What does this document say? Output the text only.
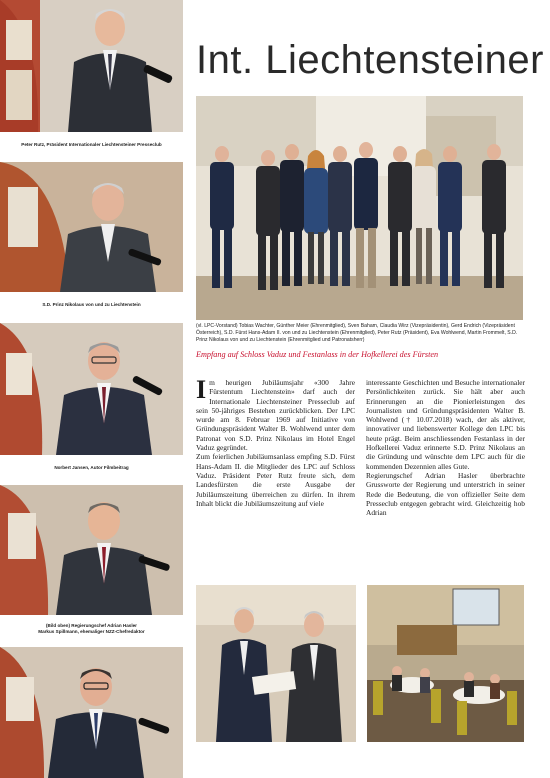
Peter Rutz, Präsident Internationaler Liechtensteiner Presseclub
S.D. Prinz Nikolaus von und zu Liechtenstein
Norbert Jansen, Autor Filmbeitrag
(Bild oben) Regierungschef Adrian Hasler
Markus Spillmann, ehemaliger NZZ-Chefredaktor
Int. Liechtensteiner
(vl. LPC-Vorstand) Tobias Wachter, Günther Meier (Ehrenmitglied), Sven Baham, Claudia Wirz (Vizepräsidentin), Gerd Endrich (Vizepräsident Österreich), S.D. Fürst Hans-Adam II. von und zu Liechtenstein (Ehrenmitglied), Peter Rutz (Präsident), Eva Wohlwend, Martin Frommelt, S.D. Prinz Nikolaus von und zu Liechtenstein (Ehrenmitglied und Patronatsherr)
Empfang auf Schloss Vaduz und Festanlass in der Hofkellerei des Fürsten

Im heurigen Jubiläumsjahr «300 Jahre Fürstentum Liechtenstein» darf auch der Internationale Liechtensteiner Presseclub auf sein 50-jähriges Bestehen zurückblicken. Der LPC wurde am 8. Februar 1969 auf Initiative von Gründungspräsident Walter B. Wohlwend unter dem Patronat von S.D. Prinz Nikolaus im Hotel Engel Vaduz gegründet.

Zum feierlichen Jubiläumsanlass empfing S.D. Fürst Hans-Adam II. die Mitglieder des LPC auf Schloss Vaduz. Präsident Peter Rutz freute sich, dem Landesfürsten die erste Ausgabe der Jubiläumszeitung überreichen zu dürfen. In ihrem Inhalt blickt die Jubiläumszeitung auf viele

interessante Geschichten und Besuche internationaler Persönlichkeiten zurück. Sie hält aber auch Erinnerungen an die Pionierleistungen des Journalisten und Gründungspräsidenten Walter B. Wohlwend († 10.07.2018) wach, der als aktiver, innovativer und liebenswerter Kollege den LPC bis heute prägt. Beim anschliessenden Festanlass in der Hofkellerei Vaduz erinnerte S.D. Prinz Nikolaus an die Gründung und wünschte dem LPC auch für die kommenden Dezennien alles Gute.

Regierungschef Adrian Hasler überbrachte Grussworte der Regierung und unterstrich in seiner Rede die Bedeutung, die von offizieller Seite dem Presseclub entgegen gebracht wird. Gleichzeitig hob Adrian
